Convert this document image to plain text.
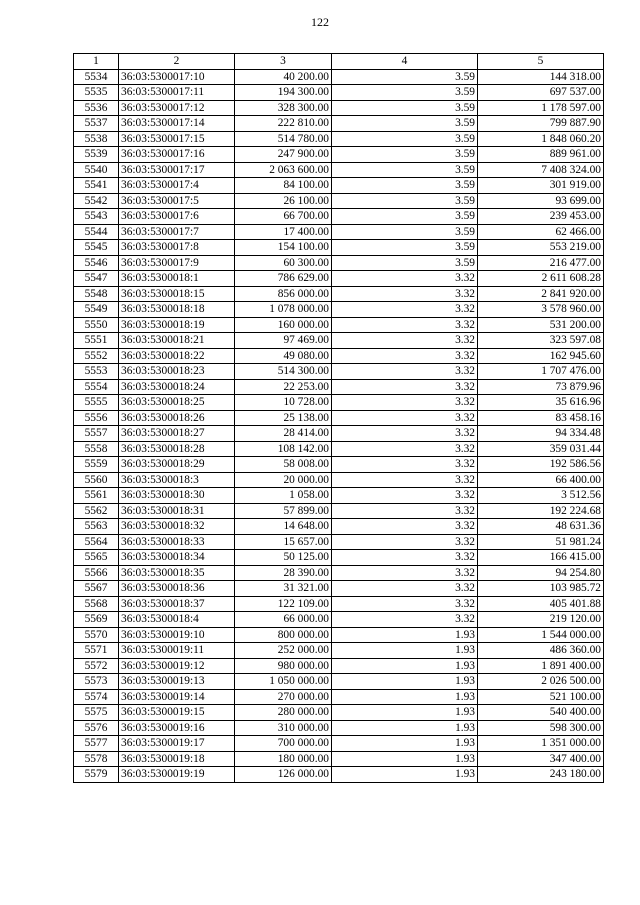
122
1	2	3	4	5
5534	36:03:5300017:10	40 200.00	3.59	144 318.00
5535	36:03:5300017:11	194 300.00	3.59	697 537.00
5536	36:03:5300017:12	328 300.00	3.59	1 178 597.00
5537	36:03:5300017:14	222 810.00	3.59	799 887.90
5538	36:03:5300017:15	514 780.00	3.59	1 848 060.20
5539	36:03:5300017:16	247 900.00	3.59	889 961.00
5540	36:03:5300017:17	2 063 600.00	3.59	7 408 324.00
5541	36:03:5300017:4	84 100.00	3.59	301 919.00
5542	36:03:5300017:5	26 100.00	3.59	93 699.00
5543	36:03:5300017:6	66 700.00	3.59	239 453.00
5544	36:03:5300017:7	17 400.00	3.59	62 466.00
5545	36:03:5300017:8	154 100.00	3.59	553 219.00
5546	36:03:5300017:9	60 300.00	3.59	216 477.00
5547	36:03:5300018:1	786 629.00	3.32	2 611 608.28
5548	36:03:5300018:15	856 000.00	3.32	2 841 920.00
5549	36:03:5300018:18	1 078 000.00	3.32	3 578 960.00
5550	36:03:5300018:19	160 000.00	3.32	531 200.00
5551	36:03:5300018:21	97 469.00	3.32	323 597.08
5552	36:03:5300018:22	49 080.00	3.32	162 945.60
5553	36:03:5300018:23	514 300.00	3.32	1 707 476.00
5554	36:03:5300018:24	22 253.00	3.32	73 879.96
5555	36:03:5300018:25	10 728.00	3.32	35 616.96
5556	36:03:5300018:26	25 138.00	3.32	83 458.16
5557	36:03:5300018:27	28 414.00	3.32	94 334.48
5558	36:03:5300018:28	108 142.00	3.32	359 031.44
5559	36:03:5300018:29	58 008.00	3.32	192 586.56
5560	36:03:5300018:3	20 000.00	3.32	66 400.00
5561	36:03:5300018:30	1 058.00	3.32	3 512.56
5562	36:03:5300018:31	57 899.00	3.32	192 224.68
5563	36:03:5300018:32	14 648.00	3.32	48 631.36
5564	36:03:5300018:33	15 657.00	3.32	51 981.24
5565	36:03:5300018:34	50 125.00	3.32	166 415.00
5566	36:03:5300018:35	28 390.00	3.32	94 254.80
5567	36:03:5300018:36	31 321.00	3.32	103 985.72
5568	36:03:5300018:37	122 109.00	3.32	405 401.88
5569	36:03:5300018:4	66 000.00	3.32	219 120.00
5570	36:03:5300019:10	800 000.00	1.93	1 544 000.00
5571	36:03:5300019:11	252 000.00	1.93	486 360.00
5572	36:03:5300019:12	980 000.00	1.93	1 891 400.00
5573	36:03:5300019:13	1 050 000.00	1.93	2 026 500.00
5574	36:03:5300019:14	270 000.00	1.93	521 100.00
5575	36:03:5300019:15	280 000.00	1.93	540 400.00
5576	36:03:5300019:16	310 000.00	1.93	598 300.00
5577	36:03:5300019:17	700 000.00	1.93	1 351 000.00
5578	36:03:5300019:18	180 000.00	1.93	347 400.00
5579	36:03:5300019:19	126 000.00	1.93	243 180.00
